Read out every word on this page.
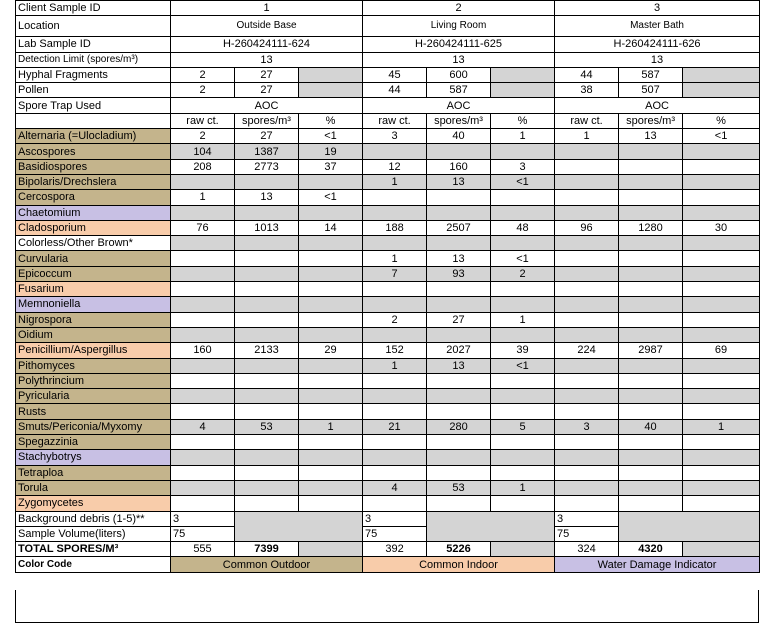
Client Sample ID	1			2			3		
Location	Outside Base			Living Room			Master Bath		
Lab Sample ID	H-260424111-624			H-260424111-625			H-260424111-626		
Detection Limit (spores/m³)	13			13			13		
Hyphal Fragments	2	27		45	600		44	587	
Pollen	2	27		44	587		38	507	
Spore Trap Used	AOC			AOC			AOC		
	raw ct.	spores/m³	%	raw ct.	spores/m³	%	raw ct.	spores/m³	%
Alternaria (=Ulocladium)	2	27	<1	3	40	1	1	13	<1
Ascospores	104	1387	19						
Basidiospores	208	2773	37	12	160	3			
Bipolaris/Drechslera				1	13	<1			
Cercospora	1	13	<1						
Chaetomium									
Cladosporium	76	1013	14	188	2507	48	96	1280	30
Colorless/Other Brown*									
Curvularia				1	13	<1			
Epicoccum				7	93	2			
Fusarium									
Memnoniella									
Nigrospora				2	27	1			
Oidium									
Penicillium/Aspergillus	160	2133	29	152	2027	39	224	2987	69
Pithomyces				1	13	<1			
Polythrincium									
Pyricularia									
Rusts									
Smuts/Periconia/Myxomy	4	53	1	21	280	5	3	40	1
Spegazzinia									
Stachybotrys									
Tetraploa									
Torula				4	53	1			
Zygomycetes									
Background debris (1-5)**	3			3			3		
Sample Volume(liters)	75			75			75		
TOTAL SPORES/M³	555	7399		392	5226		324	4320	
Color Code	Common Outdoor			Common Indoor			Water Damage Indicator		
